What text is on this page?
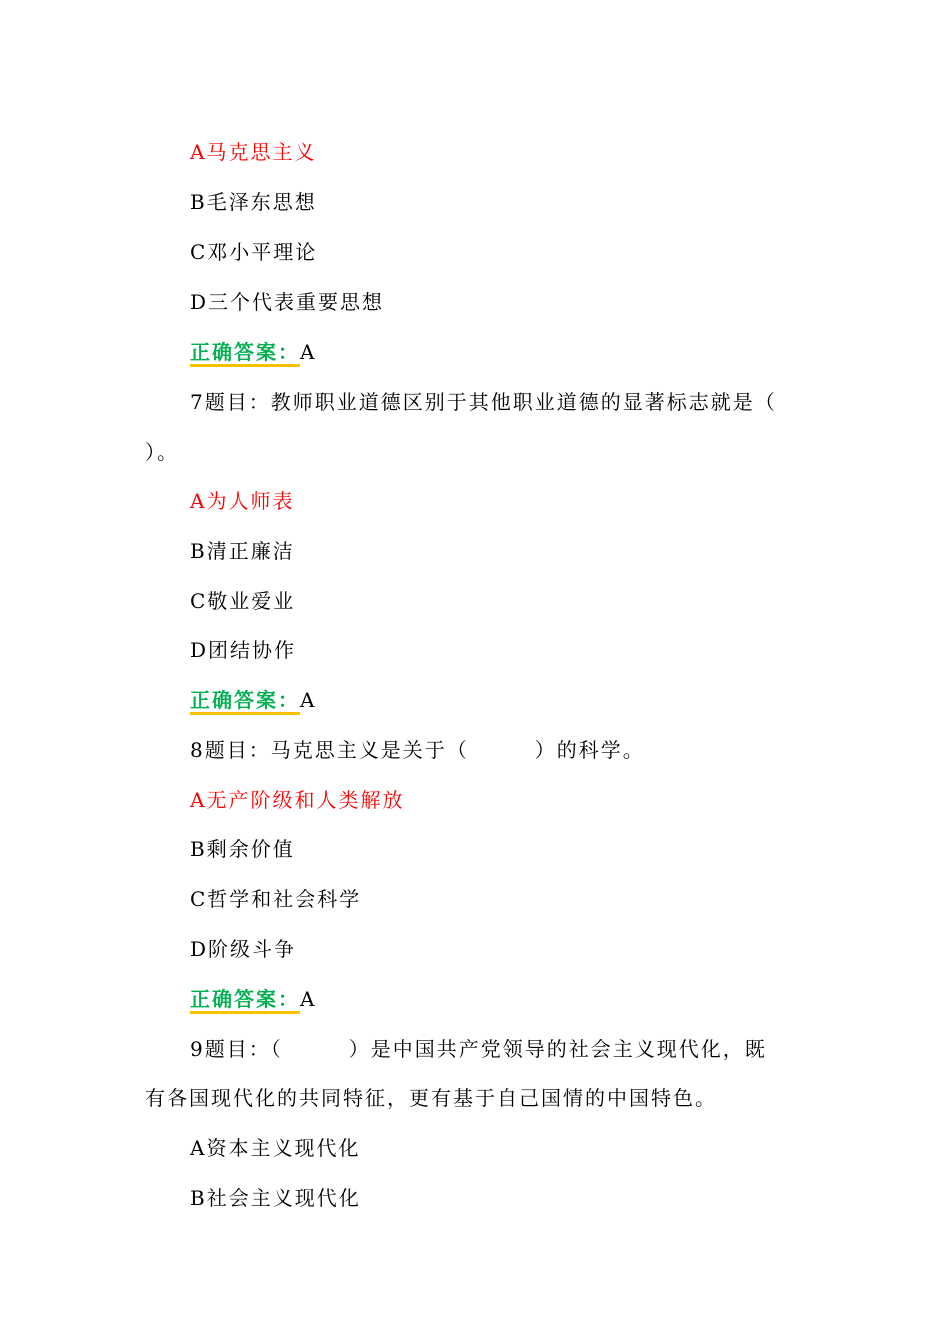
A马克思主义
B毛泽东思想
C邓小平理论
D三个代表重要思想
正确答案：A
7题目：教师职业道德区别于其他职业道德的显著标志就是（
）。
A为人师表
B清正廉洁
C敬业爱业
D团结协作
正确答案：A
8题目：马克思主义是关于（　　　）的科学。
A无产阶级和人类解放
B剩余价值
C哲学和社会科学
D阶级斗争
正确答案：A
9题目：（　　　）是中国共产党领导的社会主义现代化，既
有各国现代化的共同特征，更有基于自己国情的中国特色。
A资本主义现代化
B社会主义现代化
